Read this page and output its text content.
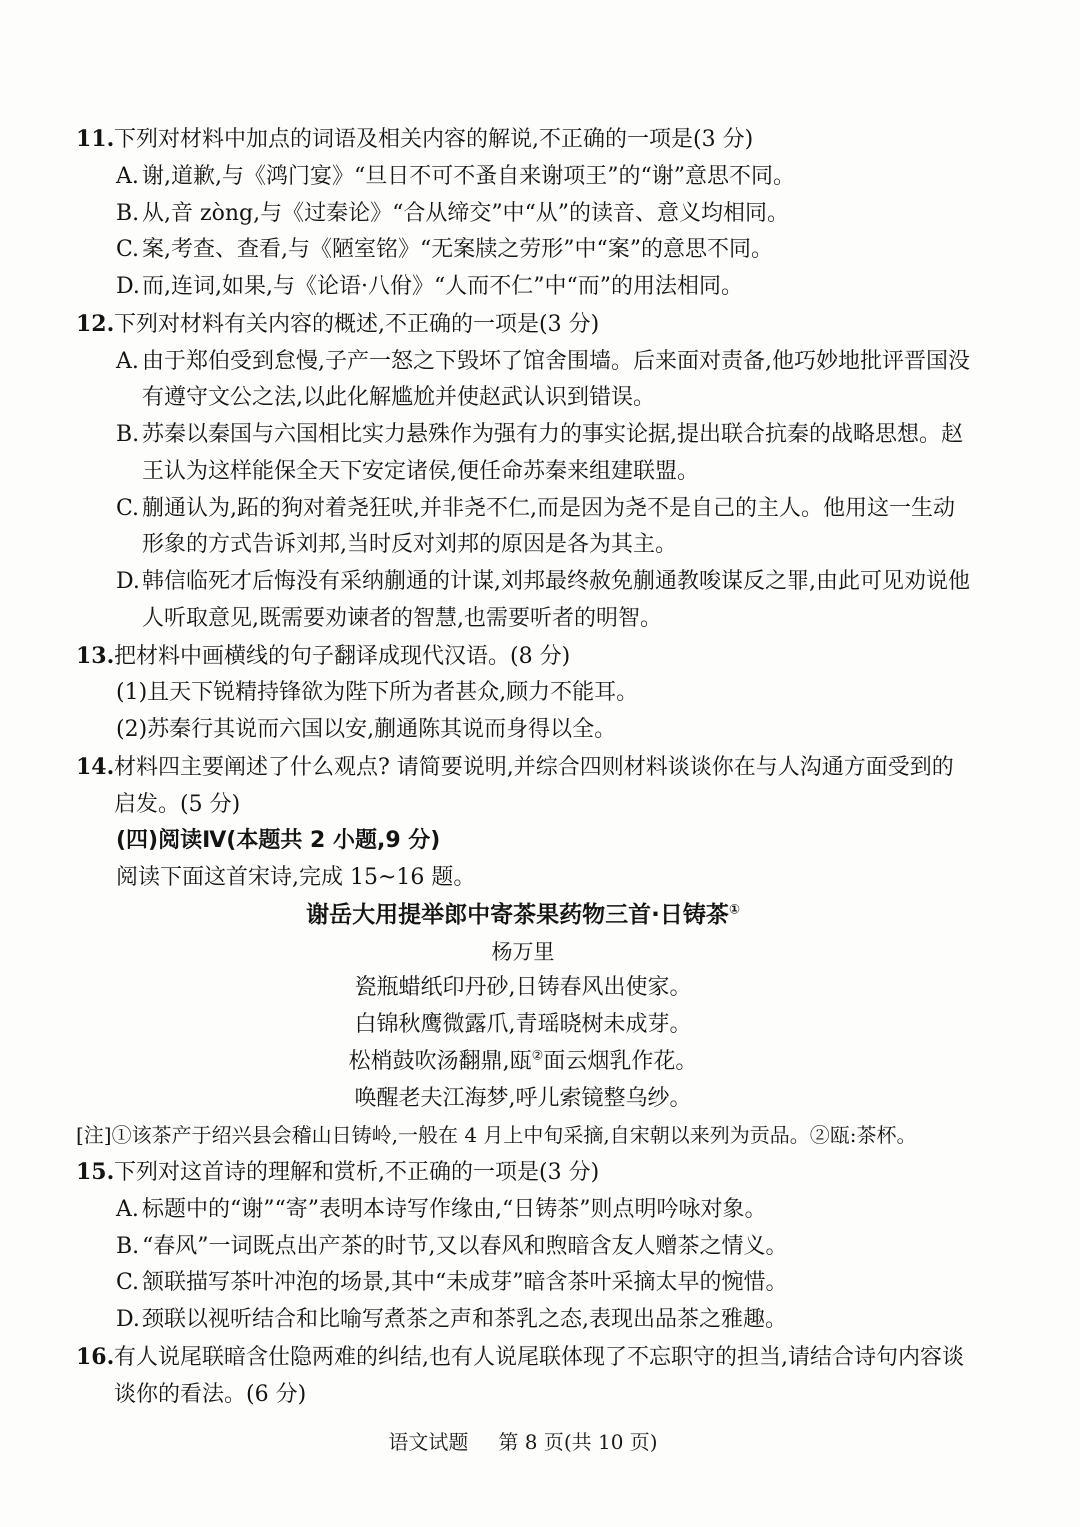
11.下列对材料中加点的词语及相关内容的解说,不正确的一项是(3 分)

A. 谢,道歉,与《鸿门宴》“旦日不可不蚤自来谢项王”的“谢”意思不同。

B. 从,音 zòng,与《过秦论》“合从缔交”中“从”的读音、意义均相同。

C. 案,考查、查看,与《陋室铭》“无案牍之劳形”中“案”的意思不同。

D.而,连词,如果,与《论语·八佾》“人而不仁”中“而”的用法相同。

12.下列对材料有关内容的概述,不正确的一项是(3 分)

A. 由于郑伯受到怠慢,子产一怒之下毁坏了馆舍围墙。后来面对责备,他巧妙地批评晋国没有遵守文公之法,以此化解尴尬并使赵武认识到错误。

B. 苏秦以秦国与六国相比实力悬殊作为强有力的事实论据,提出联合抗秦的战略思想。赵王认为这样能保全天下安定诸侯,便任命苏秦来组建联盟。

C. 蒯通认为,跖的狗对着尧狂吠,并非尧不仁,而是因为尧不是自己的主人。他用这一生动形象的方式告诉刘邦,当时反对刘邦的原因是各为其主。

D.韩信临死才后悔没有采纳蒯通的计谋,刘邦最终赦免蒯通教唆谋反之罪,由此可见劝说他人听取意见,既需要劝谏者的智慧,也需要听者的明智。

13.把材料中画横线的句子翻译成现代汉语。(8 分)

(1)且天下锐精持锋欲为陛下所为者甚众,顾力不能耳。

(2)苏秦行其说而六国以安,蒯通陈其说而身得以全。

14.材料四主要阐述了什么观点? 请简要说明,并综合四则材料谈谈你在与人沟通方面受到的启发。(5 分)

(四)阅读Ⅳ(本题共 2 小题,9 分)

阅读下面这首宋诗,完成 15~16 题。

谢岳大用提举郎中寄茶果药物三首·日铸茶①

杨万里

瓷瓶蜡纸印丹砂,日铸春风出使家。

白锦秋鹰微露爪,青瑶晓树未成芽。

松梢鼓吹汤翻鼎,瓯②面云烟乳作花。

唤醒老夫江海梦,呼儿索镜整乌纱。

[注]①该茶产于绍兴县会稽山日铸岭,一般在 4 月上中旬采摘,自宋朝以来列为贡品。②瓯:茶杯。

15.下列对这首诗的理解和赏析,不正确的一项是(3 分)

A. 标题中的“谢”“寄”表明本诗写作缘由,“日铸茶”则点明吟咏对象。

B. “春风”一词既点出产茶的时节,又以春风和煦暗含友人赠茶之情义。

C. 颔联描写茶叶冲泡的场景,其中“未成芽”暗含茶叶采摘太早的惋惜。

D.颈联以视听结合和比喻写煮茶之声和茶乳之态,表现出品茶之雅趣。

16.有人说尾联暗含仕隐两难的纠结,也有人说尾联体现了不忘职守的担当,请结合诗句内容谈谈你的看法。(6 分)

语文试题 第 8 页(共 10 页)
